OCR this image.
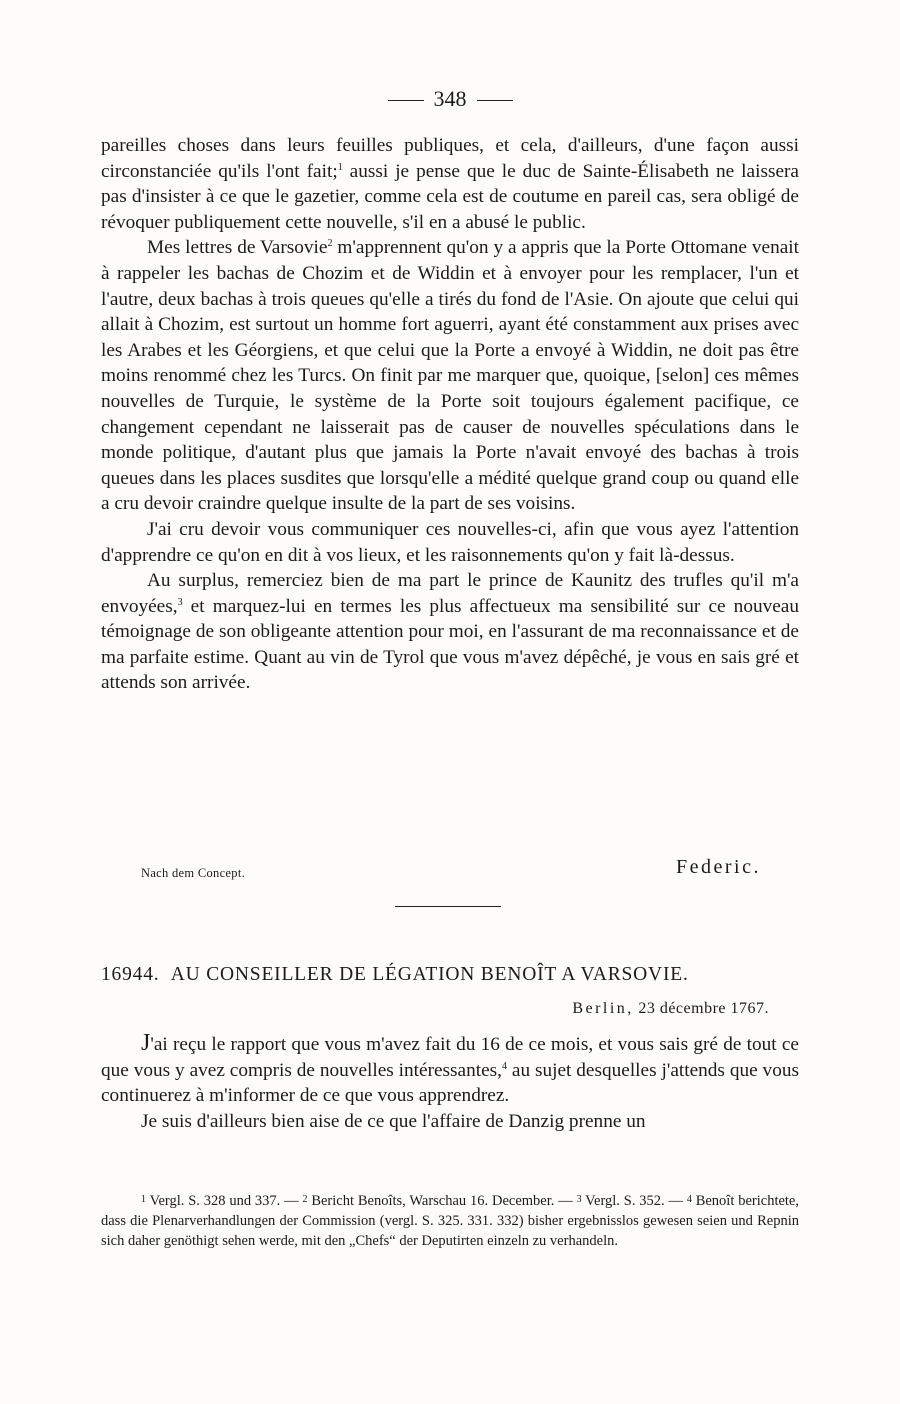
348

pareilles choses dans leurs feuilles publiques, et cela, d'ailleurs, d'une façon aussi circonstanciée qu'ils l'ont fait;$^1$ aussi je pense que le duc de Sainte-Élisabeth ne laissera pas d'insister à ce que le gazetier, comme cela est de coutume en pareil cas, sera obligé de révoquer publiquement cette nouvelle, s'il en a abusé le public.

Mes lettres de Varsovie$^2$ m'apprennent qu'on y a appris que la Porte Ottomane venait à rappeler les bachas de Chozim et de Widdin et à envoyer pour les remplacer, l'un et l'autre, deux bachas à trois queues qu'elle a tirés du fond de l'Asie. On ajoute que celui qui allait à Chozim, est surtout un homme fort aguerri, ayant été constamment aux prises avec les Arabes et les Géorgiens, et que celui que la Porte a envoyé à Widdin, ne doit pas être moins renommé chez les Turcs. On finit par me marquer que, quoique, [selon] ces mêmes nouvelles de Turquie, le système de la Porte soit toujours également pacifique, ce changement cependant ne laisserait pas de causer de nouvelles spéculations dans le monde politique, d'autant plus que jamais la Porte n'avait envoyé des bachas à trois queues dans les places susdites que lorsqu'elle a médité quelque grand coup ou quand elle a cru devoir craindre quelque insulte de la part de ses voisins.

J'ai cru devoir vous communiquer ces nouvelles-ci, afin que vous ayez l'attention d'apprendre ce qu'on en dit à vos lieux, et les raisonnements qu'on y fait là-dessus.

Au surplus, remerciez bien de ma part le prince de Kaunitz des trufles qu'il m'a envoyées,$^3$ et marquez-lui en termes les plus affectueux ma sensibilité sur ce nouveau témoignage de son obligeante attention pour moi, en l'assurant de ma reconnaissance et de ma parfaite estime. Quant au vin de Tyrol que vous m'avez dépêché, je vous en sais gré et attends son arrivée.

Nach dem Concept.	Federic.
16944. AU CONSEILLER DE LÉGATION BENOÎT A VARSOVIE.
Berlin, 23 décembre 1767.

J'ai reçu le rapport que vous m'avez fait du 16 de ce mois, et vous sais gré de tout ce que vous y avez compris de nouvelles intéressantes,$^4$ au sujet desquelles j'attends que vous continuerez à m'informer de ce que vous apprendrez.

Je suis d'ailleurs bien aise de ce que l'affaire de Danzig prenne un

$^1$ Vergl. S. 328 und 337. — $^2$ Bericht Benoîts, Warschau 16. December. — $^3$ Vergl. S. 352. — $^4$ Benoît berichtete, dass die Plenarverhandlungen der Commission (vergl. S. 325. 331. 332) bisher ergebnisslos gewesen seien und Repnin sich daher genöthigt sehen werde, mit den „Chefs“ der Deputirten einzeln zu verhandeln.
